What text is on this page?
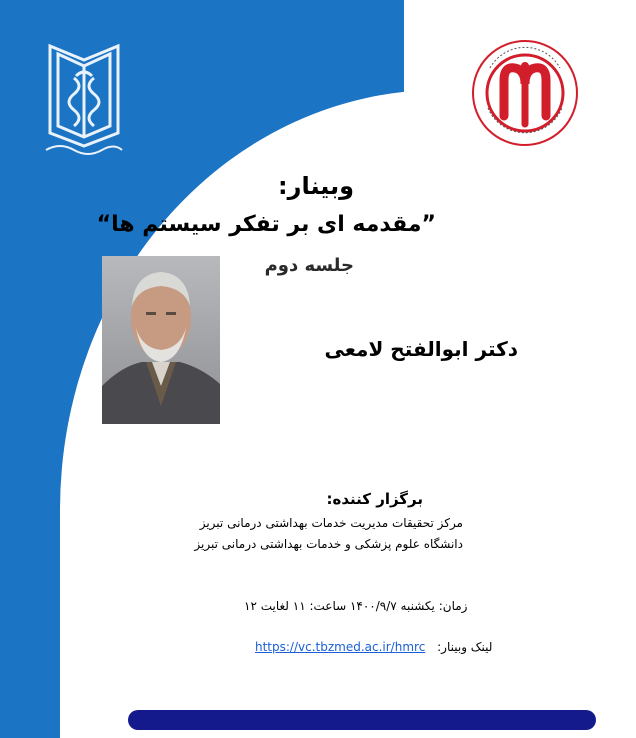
وبینار:
”مقدمه ای بر تفکر سیستم ها“
جلسه دوم
دکتر ابوالفتح لامعی
برگزار کننده:
مرکز تحقیقات مدیریت خدمات بهداشتی درمانی تبریز
دانشگاه علوم پزشکی و خدمات بهداشتی درمانی تبریز
زمان: یکشنبه ۱۴۰۰/۹/۷ ساعت: ۱۱ لغایت ۱۲
https://vc.tbzmed.ac.ir/hmrc لینک وبینار:
